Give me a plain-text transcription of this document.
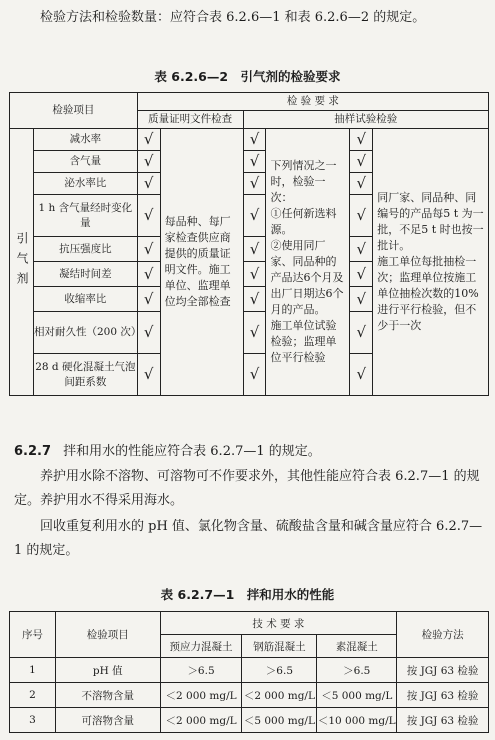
检验方法和检验数量：应符合表 6.2.6—1 和表 6.2.6—2 的规定。

表 6.2.6—2　引气剂的检验要求
检验项目		检 验 要 求					
		质量证明文件检查		抽样试验检验			
引气剂	减水率	√	每品种、每厂家检查供应商提供的质量证明文件。施工单位、监理单位均全部检查	√	下列情况之一时，检验一次：
①任何新选料源。
②使用同厂家、同品种的产品达6个月及出厂日期达6个月的产品。
施工单位试验检验；监理单位平行检验	√	同厂家、同品种、同编号的产品每5 t 为一批，不足5 t 时也按一批计。
施工单位每批抽检一次；监理单位按施工单位抽检次数的10% 进行平行检验，但不少于一次
	含气量	√		√		√	
	泌水率比	√		√		√	
	1 h 含气量经时变化量	√		√		√	
	抗压强度比	√		√		√	
	凝结时间差	√		√		√	
	收缩率比	√		√		√	
	相对耐久性（200 次）	√		√		√	
	28 d 硬化混凝土气泡间距系数	√		√		√	

6.2.7 拌和用水的性能应符合表 6.2.7—1 的规定。

养护用水除不溶物、可溶物可不作要求外，其他性能应符合表 6.2.7—1 的规定。养护用水不得采用海水。

回收重复利用水的 pH 值、氯化物含量、硫酸盐含量和碱含量应符合 6.2.7—1 的规定。

表 6.2.7—1　拌和用水的性能
序号	检验项目	技 术 要 求			检验方法
		预应力混凝土	钢筋混凝土	素混凝土	
1	pH 值	＞6.5	＞6.5	＞6.5	按 JGJ 63 检验
2	不溶物含量	＜2 000 mg/L	＜2 000 mg/L	＜5 000 mg/L	按 JGJ 63 检验
3	可溶物含量	＜2 000 mg/L	＜5 000 mg/L	＜10 000 mg/L	按 JGJ 63 检验
